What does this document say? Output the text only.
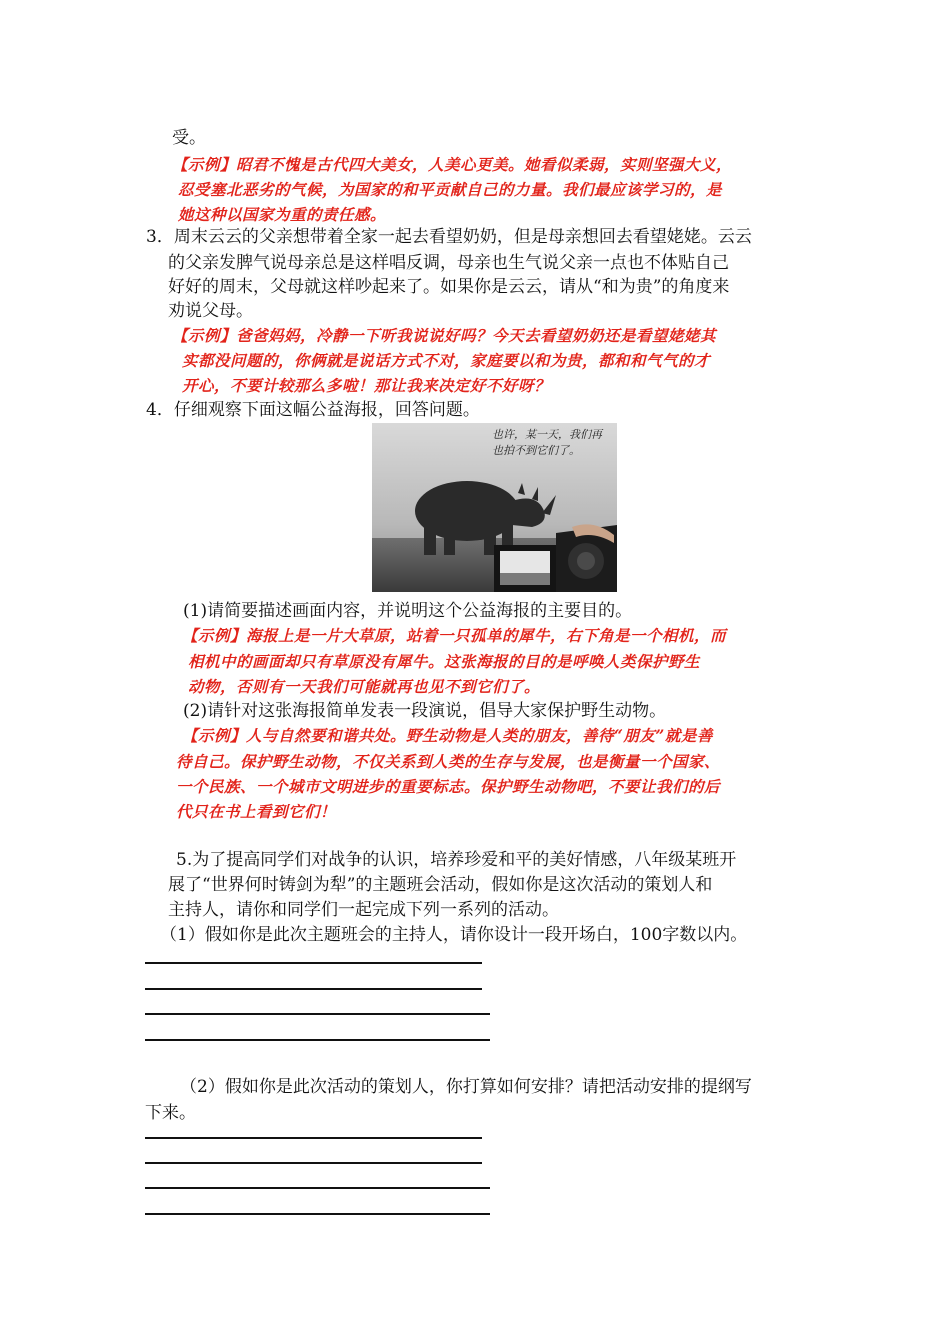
受。
【示例】昭君不愧是古代四大美女，人美心更美。她看似柔弱，实则坚强大义，
忍受塞北恶劣的气候，为国家的和平贡献自己的力量。我们最应该学习的，是
她这种以国家为重的责任感。
3．周末云云的父亲想带着全家一起去看望奶奶，但是母亲想回去看望姥姥。云云
的父亲发脾气说母亲总是这样唱反调，母亲也生气说父亲一点也不体贴自己
好好的周末，父母就这样吵起来了。如果你是云云，请从“和为贵”的角度来
劝说父母。
【示例】爸爸妈妈，冷静一下听我说说好吗？今天去看望奶奶还是看望姥姥其
实都没问题的，你俩就是说话方式不对，家庭要以和为贵，都和和气气的才
开心，不要计较那么多啦！那让我来决定好不好呀？
4．仔细观察下面这幅公益海报，回答问题。
也许，某一天，我们再
也拍不到它们了。
(1)请简要描述画面内容，并说明这个公益海报的主要目的。
【示例】海报上是一片大草原，站着一只孤单的犀牛，右下角是一个相机，而
相机中的画面却只有草原没有犀牛。这张海报的目的是呼唤人类保护野生
动物，否则有一天我们可能就再也见不到它们了。
(2)请针对这张海报简单发表一段演说，倡导大家保护野生动物。
【示例】人与自然要和谐共处。野生动物是人类的朋友，善待“朋友”就是善
待自己。保护野生动物，不仅关系到人类的生存与发展，也是衡量一个国家、
一个民族、一个城市文明进步的重要标志。保护野生动物吧，不要让我们的后
代只在书上看到它们！
5.为了提高同学们对战争的认识，培养珍爱和平的美好情感，八年级某班开
展了“世界何时铸剑为犁”的主题班会活动，假如你是这次活动的策划人和
主持人，请你和同学们一起完成下列一系列的活动。
（1）假如你是此次主题班会的主持人，请你设计一段开场白，100字数以内。
（2）假如你是此次活动的策划人，你打算如何安排？请把活动安排的提纲写
下来。
